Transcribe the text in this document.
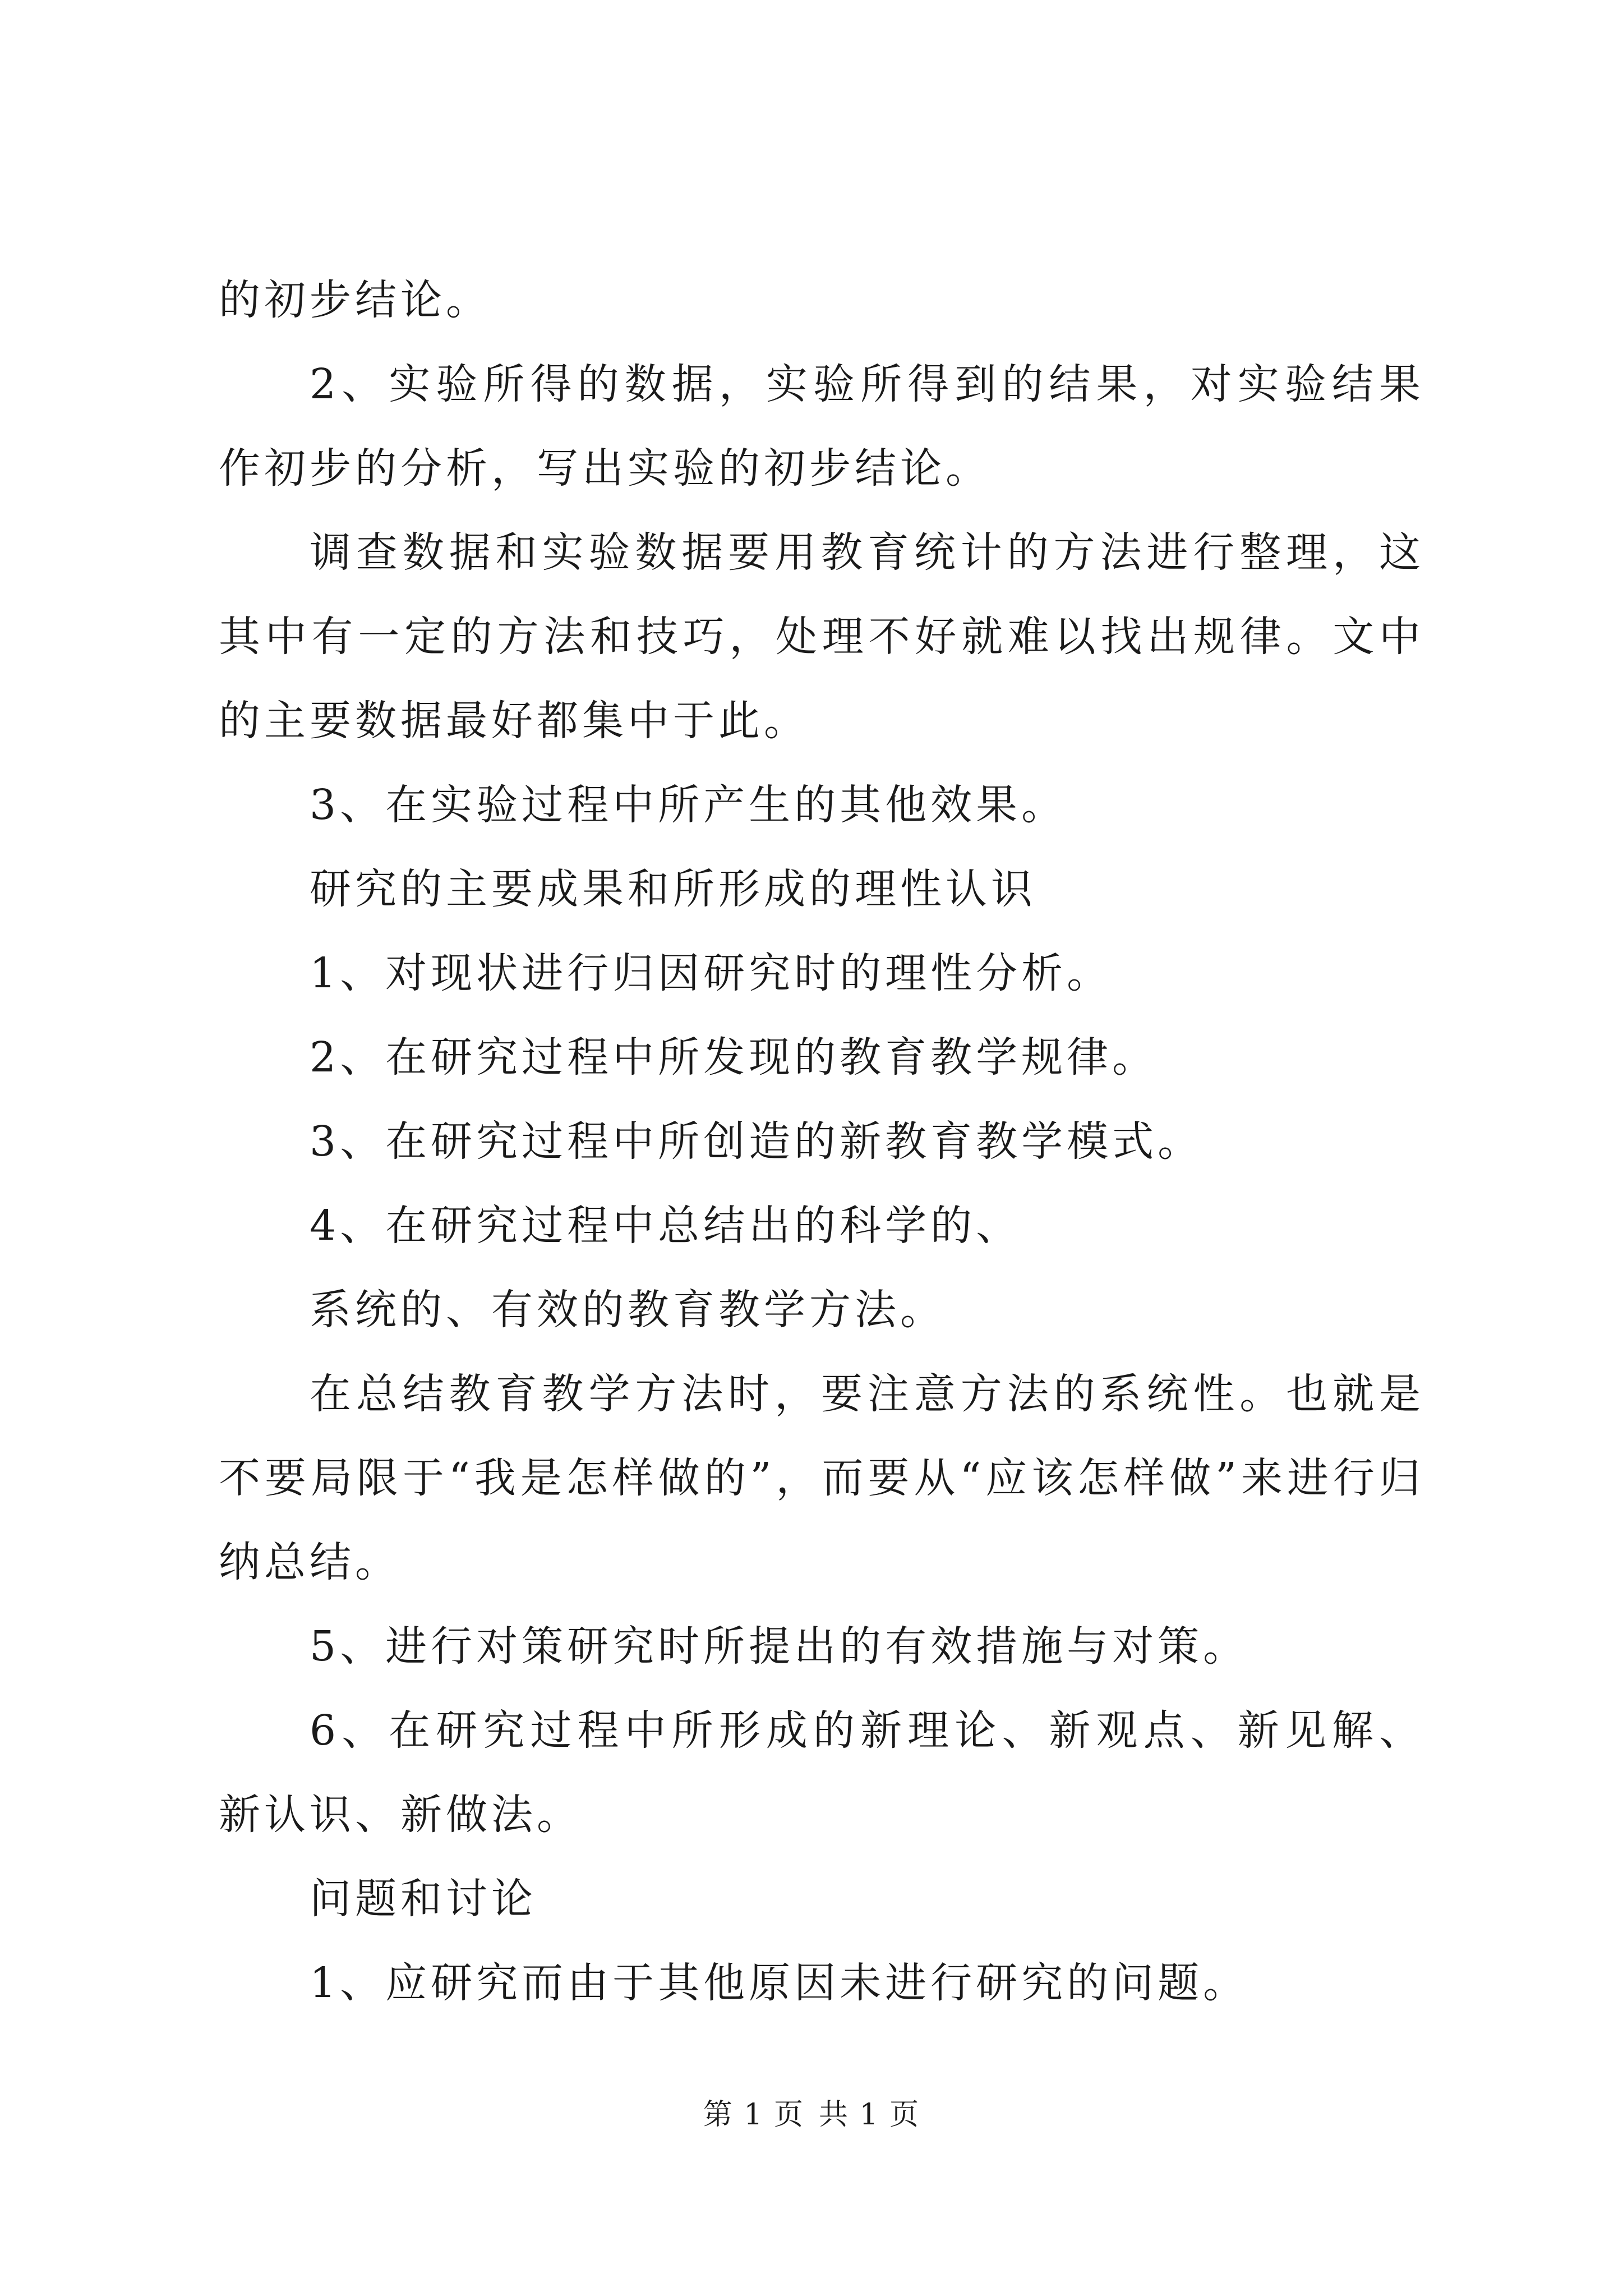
的初步结论。

2、实验所得的数据，实验所得到的结果，对实验结果作初步的分析，写出实验的初步结论。

调查数据和实验数据要用教育统计的方法进行整理，这其中有一定的方法和技巧，处理不好就难以找出规律。文中的主要数据最好都集中于此。

3、在实验过程中所产生的其他效果。

研究的主要成果和所形成的理性认识

1、对现状进行归因研究时的理性分析。

2、在研究过程中所发现的教育教学规律。

3、在研究过程中所创造的新教育教学模式。

4、在研究过程中总结出的科学的、

系统的、有效的教育教学方法。

在总结教育教学方法时，要注意方法的系统性。也就是不要局限于“我是怎样做的”，而要从“应该怎样做”来进行归纳总结。

5、进行对策研究时所提出的有效措施与对策。

6、在研究过程中所形成的新理论、新观点、新见解、新认识、新做法。

问题和讨论

1、应研究而由于其他原因未进行研究的问题。

第 1 页 共 1 页
